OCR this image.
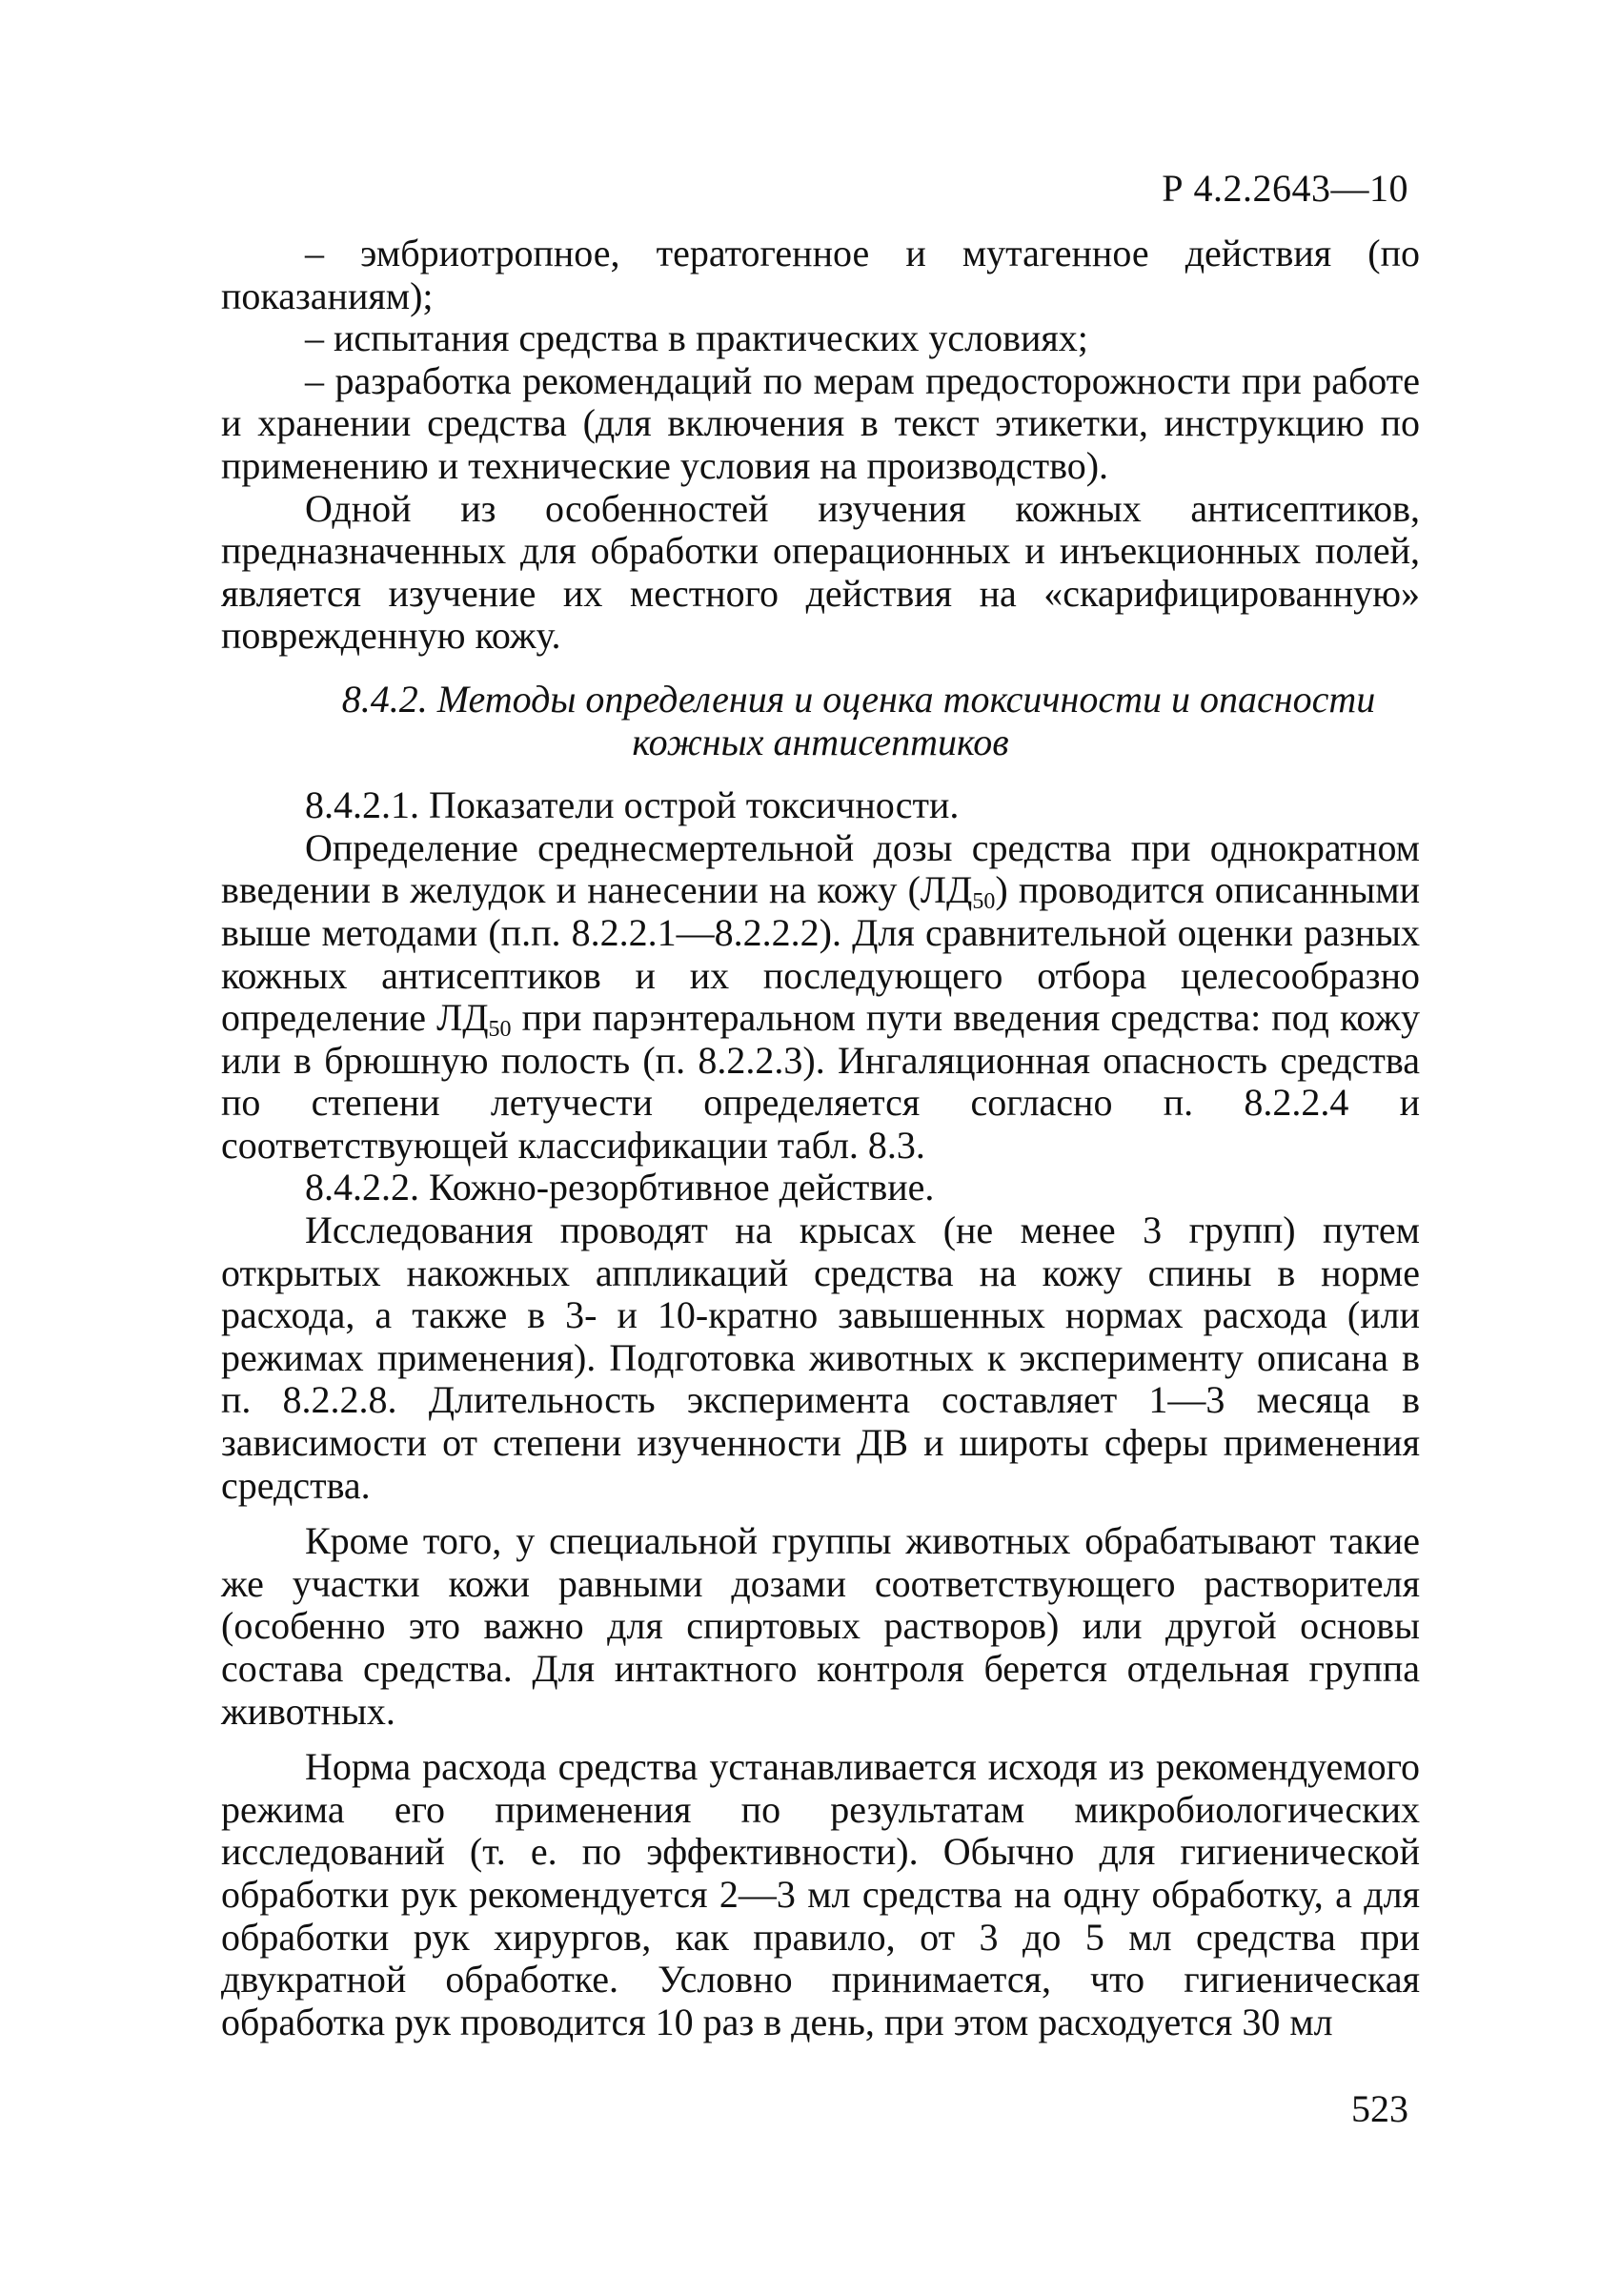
Р 4.2.2643—10

– эмбриотропное, тератогенное и мутагенное действия (по показаниям);

– испытания средства в практических условиях;

– разработка рекомендаций по мерам предосторожности при работе и хранении средства (для включения в текст этикетки, инструкцию по применению и технические условия на производство).

Одной из особенностей изучения кожных антисептиков, предназначенных для обработки операционных и инъекционных полей, является изучение их местного действия на «скарифицированную» поврежденную кожу.

8.4.2. Методы определения и оценка токсичности и опасности
кожных антисептиков

8.4.2.1. Показатели острой токсичности.

Определение среднесмертельной дозы средства при однократном введении в желудок и нанесении на кожу $(ЛД_{50})$ проводится описанными выше методами (п.п. 8.2.2.1—8.2.2.2). Для сравнительной оценки разных кожных антисептиков и их последующего отбора целесообразно определение $ЛД_{50}$ при парэнтеральном пути введения средства: под кожу или в брюшную полость (п. 8.2.2.3). Ингаляционная опасность средства по степени летучести определяется согласно п. 8.2.2.4 и соответствующей классификации табл. 8.3.

8.4.2.2. Кожно-резорбтивное действие.

Исследования проводят на крысах (не менее 3 групп) путем открытых накожных аппликаций средства на кожу спины в норме расхода, а также в 3- и 10-кратно завышенных нормах расхода (или режимах применения). Подготовка животных к эксперименту описана в п. 8.2.2.8. Длительность эксперимента составляет 1—3 месяца в зависимости от степени изученности ДВ и широты сферы применения средства.

Кроме того, у специальной группы животных обрабатывают такие же участки кожи равными дозами соответствующего растворителя (особенно это важно для спиртовых растворов) или другой основы состава средства. Для интактного контроля берется отдельная группа животных.

Норма расхода средства устанавливается исходя из рекомендуемого режима его применения по результатам микробиологических исследований (т. е. по эффективности). Обычно для гигиенической обработки рук рекомендуется 2—3 мл средства на одну обработку, а для обработки рук хирургов, как правило, от 3 до 5 мл средства при двукратной обработке. Условно принимается, что гигиеническая обработка рук проводится 10 раз в день, при этом расходуется 30 мл

523
